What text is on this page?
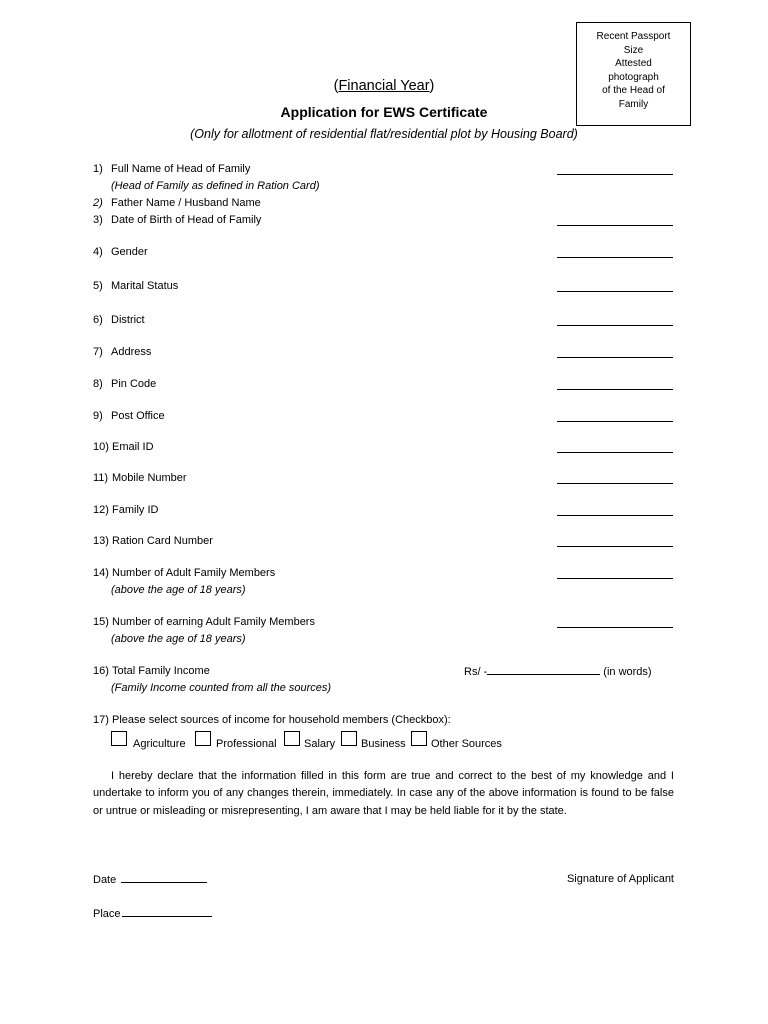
Recent Passport
Size
Attested
photograph
of the Head of
Family
(Financial Year)
Application for EWS Certificate
(Only for allotment of residential flat/residential plot by Housing Board)
1) Full Name of Head of Family
(Head of Family as defined in Ration Card)
2) Father Name / Husband Name
3) Date of Birth of Head of Family
4) Gender
5) Marital Status
6) District
7) Address
8) Pin Code
9) Post Office
10) Email ID
11) Mobile Number
12) Family ID
13) Ration Card Number
14) Number of Adult Family Members
(above the age of 18 years)
15) Number of earning Adult Family Members
(above the age of 18 years)
16) Total Family Income
(Family Income counted from all the sources)
Rs/ -	(in words)
17) Please select sources of income for household members (Checkbox):
Agriculture	Professional Salary Business Other Sources

I hereby declare that the information filled in this form are true and correct to the best of my knowledge and I undertake to inform you of any changes therein, immediately. In case any of the above information is found to be false or untrue or misleading or misrepresenting, I am aware that I may be held liable for it by the state.

Date
Place
Signature of Applicant
